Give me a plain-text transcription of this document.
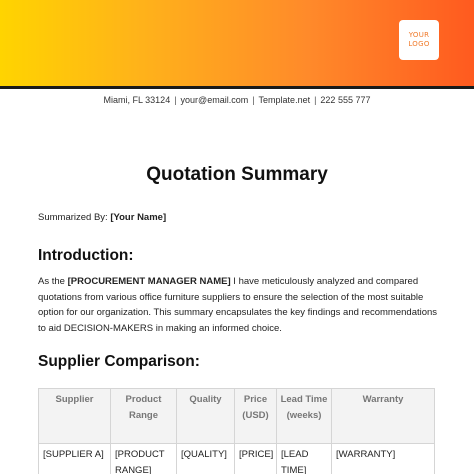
YOUR
LOGO
Miami, FL 33124 | your@email.com | Template.net | 222 555 777
Quotation Summary
Summarized By: [Your Name]
Introduction:
As the [PROCUREMENT MANAGER NAME] I have meticulously analyzed and compared quotations from various office furniture suppliers to ensure the selection of the most suitable option for our organization. This summary encapsulates the key findings and recommendations to aid DECISION-MAKERS in making an informed choice.
Supplier Comparison:
Supplier	Product Range	Quality	Price (USD)	Lead Time (weeks)	Warranty
[SUPPLIER A]	[PRODUCT RANGE]	[QUALITY]	[PRICE]	[LEAD TIME]	[WARRANTY]
